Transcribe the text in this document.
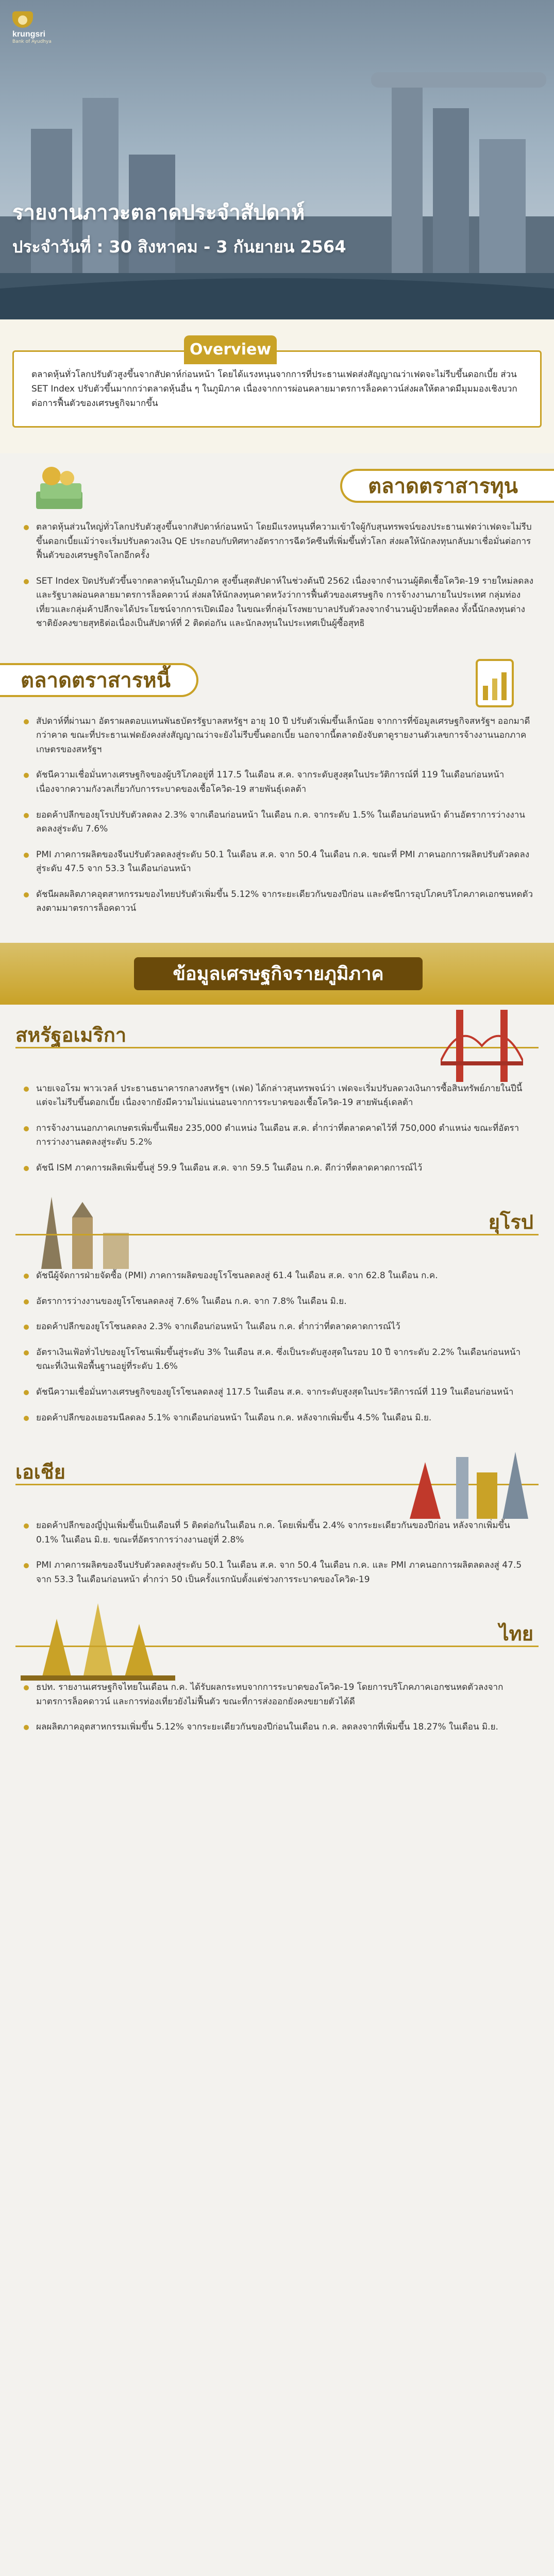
krungsri
Bank of Ayudhya
รายงานภาวะตลาดประจำสัปดาห์
ประจำวันที่ : 30 สิงหาคม - 3 กันยายน 2564
Overview

ตลาดหุ้นทั่วโลกปรับตัวสูงขึ้นจากสัปดาห์ก่อนหน้า โดยได้แรงหนุนจากการที่ประธานเฟดส่งสัญญาณว่าเฟดจะไม่รีบขึ้นดอกเบี้ย ส่วน SET Index ปรับตัวขึ้นมากกว่าตลาดหุ้นอื่น ๆ ในภูมิภาค เนื่องจากการผ่อนคลายมาตรการล็อคดาวน์ส่งผลให้ตลาดมีมุมมองเชิงบวกต่อการฟื้นตัวของเศรษฐกิจมากขึ้น

ตลาดตราสารทุน
ตลาดหุ้นส่วนใหญ่ทั่วโลกปรับตัวสูงขึ้นจากสัปดาห์ก่อนหน้า โดยมีแรงหนุนที่ความเข้าใจผู้กับสุนทรพจน์ของประธานเฟดว่าเฟดจะไม่รีบขึ้นดอกเบี้ยแม้ว่าจะเริ่มปรับลดวงเงิน QE ประกอบกับทิศทางอัตราการฉีดวัคซีนที่เพิ่มขึ้นทั่วโลก ส่งผลให้นักลงทุนกลับมาเชื่อมั่นต่อการฟื้นตัวของเศรษฐกิจโลกอีกครั้ง
SET Index ปิดปรับตัวขึ้นจากตลาดหุ้นในภูมิภาค สูงขึ้นสุดสัปดาห์ในช่วงต้นปี 2562 เนื่องจากจำนวนผู้ติดเชื้อโควิด-19 รายใหม่ลดลง และรัฐบาลผ่อนคลายมาตรการล็อคดาวน์ ส่งผลให้นักลงทุนคาดหวังว่าการฟื้นตัวของเศรษฐกิจ การจ้างงานภายในประเทศ กลุ่มท่องเที่ยวและกลุ่มค้าปลีกจะได้ประโยชน์จากการเปิดเมือง ในขณะที่กลุ่มโรงพยาบาลปรับตัวลงจากจำนวนผู้ป่วยที่ลดลง ทั้งนี้นักลงทุนต่างชาติยังคงขายสุทธิต่อเนื่องเป็นสัปดาห์ที่ 2 ติดต่อกัน และนักลงทุนในประเทศเป็นผู้ซื้อสุทธิ
ตลาดตราสารหนี้
สัปดาห์ที่ผ่านมา อัตราผลตอบแทนพันธบัตรรัฐบาลสหรัฐฯ อายุ 10 ปี ปรับตัวเพิ่มขึ้นเล็กน้อย จากการที่ข้อมูลเศรษฐกิจสหรัฐฯ ออกมาดีกว่าคาด ขณะที่ประธานเฟดยังคงส่งสัญญาณว่าจะยังไม่รีบขึ้นดอกเบี้ย นอกจากนี้ตลาดยังจับตาดูรายงานตัวเลขการจ้างงานนอกภาคเกษตรของสหรัฐฯ
ดัชนีความเชื่อมั่นทางเศรษฐกิจของผู้บริโภคอยู่ที่ 117.5 ในเดือน ส.ค. จากระดับสูงสุดในประวัติการณ์ที่ 119 ในเดือนก่อนหน้า เนื่องจากความกังวลเกี่ยวกับการระบาดของเชื้อโควิด-19 สายพันธุ์เดลต้า
ยอดค้าปลีกของยุโรปปรับตัวลดลง 2.3% จากเดือนก่อนหน้า ในเดือน ก.ค. จากระดับ 1.5% ในเดือนก่อนหน้า ด้านอัตราการว่างงานลดลงสู่ระดับ 7.6%
PMI ภาคการผลิตของจีนปรับตัวลดลงสู่ระดับ 50.1 ในเดือน ส.ค. จาก 50.4 ในเดือน ก.ค. ขณะที่ PMI ภาคนอกการผลิตปรับตัวลดลงสู่ระดับ 47.5 จาก 53.3 ในเดือนก่อนหน้า
ดัชนีผลผลิตภาคอุตสาหกรรมของไทยปรับตัวเพิ่มขึ้น 5.12% จากระยะเดียวกันของปีก่อน และดัชนีการอุปโภคบริโภคภาคเอกชนหดตัวลงตามมาตรการล็อคดาวน์
ข้อมูลเศรษฐกิจรายภูมิภาค
สหรัฐอเมริกา
นายเจอโรม พาวเวลล์ ประธานธนาคารกลางสหรัฐฯ (เฟด) ได้กล่าวสุนทรพจน์ว่า เฟดจะเริ่มปรับลดวงเงินการซื้อสินทรัพย์ภายในปีนี้ แต่จะไม่รีบขึ้นดอกเบี้ย เนื่องจากยังมีความไม่แน่นอนจากการระบาดของเชื้อโควิด-19 สายพันธุ์เดลต้า
การจ้างงานนอกภาคเกษตรเพิ่มขึ้นเพียง 235,000 ตำแหน่ง ในเดือน ส.ค. ต่ำกว่าที่ตลาดคาดไว้ที่ 750,000 ตำแหน่ง ขณะที่อัตราการว่างงานลดลงสู่ระดับ 5.2%
ดัชนี ISM ภาคการผลิตเพิ่มขึ้นสู่ 59.9 ในเดือน ส.ค. จาก 59.5 ในเดือน ก.ค. ดีกว่าที่ตลาดคาดการณ์ไว้
ยุโรป
ดัชนีผู้จัดการฝ่ายจัดซื้อ (PMI) ภาคการผลิตของยูโรโซนลดลงสู่ 61.4 ในเดือน ส.ค. จาก 62.8 ในเดือน ก.ค.
อัตราการว่างงานของยูโรโซนลดลงสู่ 7.6% ในเดือน ก.ค. จาก 7.8% ในเดือน มิ.ย.
ยอดค้าปลีกของยูโรโซนลดลง 2.3% จากเดือนก่อนหน้า ในเดือน ก.ค. ต่ำกว่าที่ตลาดคาดการณ์ไว้
อัตราเงินเฟ้อทั่วไปของยูโรโซนเพิ่มขึ้นสู่ระดับ 3% ในเดือน ส.ค. ซึ่งเป็นระดับสูงสุดในรอบ 10 ปี จากระดับ 2.2% ในเดือนก่อนหน้า ขณะที่เงินเฟ้อพื้นฐานอยู่ที่ระดับ 1.6%
ดัชนีความเชื่อมั่นทางเศรษฐกิจของยูโรโซนลดลงสู่ 117.5 ในเดือน ส.ค. จากระดับสูงสุดในประวัติการณ์ที่ 119 ในเดือนก่อนหน้า
ยอดค้าปลีกของเยอรมนีลดลง 5.1% จากเดือนก่อนหน้า ในเดือน ก.ค. หลังจากเพิ่มขึ้น 4.5% ในเดือน มิ.ย.
เอเชีย
ยอดค้าปลีกของญี่ปุ่นเพิ่มขึ้นเป็นเดือนที่ 5 ติดต่อกันในเดือน ก.ค. โดยเพิ่มขึ้น 2.4% จากระยะเดียวกันของปีก่อน หลังจากเพิ่มขึ้น 0.1% ในเดือน มิ.ย. ขณะที่อัตราการว่างงานอยู่ที่ 2.8%
PMI ภาคการผลิตของจีนปรับตัวลดลงสู่ระดับ 50.1 ในเดือน ส.ค. จาก 50.4 ในเดือน ก.ค. และ PMI ภาคนอกการผลิตลดลงสู่ 47.5 จาก 53.3 ในเดือนก่อนหน้า ต่ำกว่า 50 เป็นครั้งแรกนับตั้งแต่ช่วงการระบาดของโควิด-19
ไทย
ธปท. รายงานเศรษฐกิจไทยในเดือน ก.ค. ได้รับผลกระทบจากการระบาดของโควิด-19 โดยการบริโภคภาคเอกชนหดตัวลงจากมาตรการล็อคดาวน์ และการท่องเที่ยวยังไม่ฟื้นตัว ขณะที่การส่งออกยังคงขยายตัวได้ดี
ผลผลิตภาคอุตสาหกรรมเพิ่มขึ้น 5.12% จากระยะเดียวกันของปีก่อนในเดือน ก.ค. ลดลงจากที่เพิ่มขึ้น 18.27% ในเดือน มิ.ย.
